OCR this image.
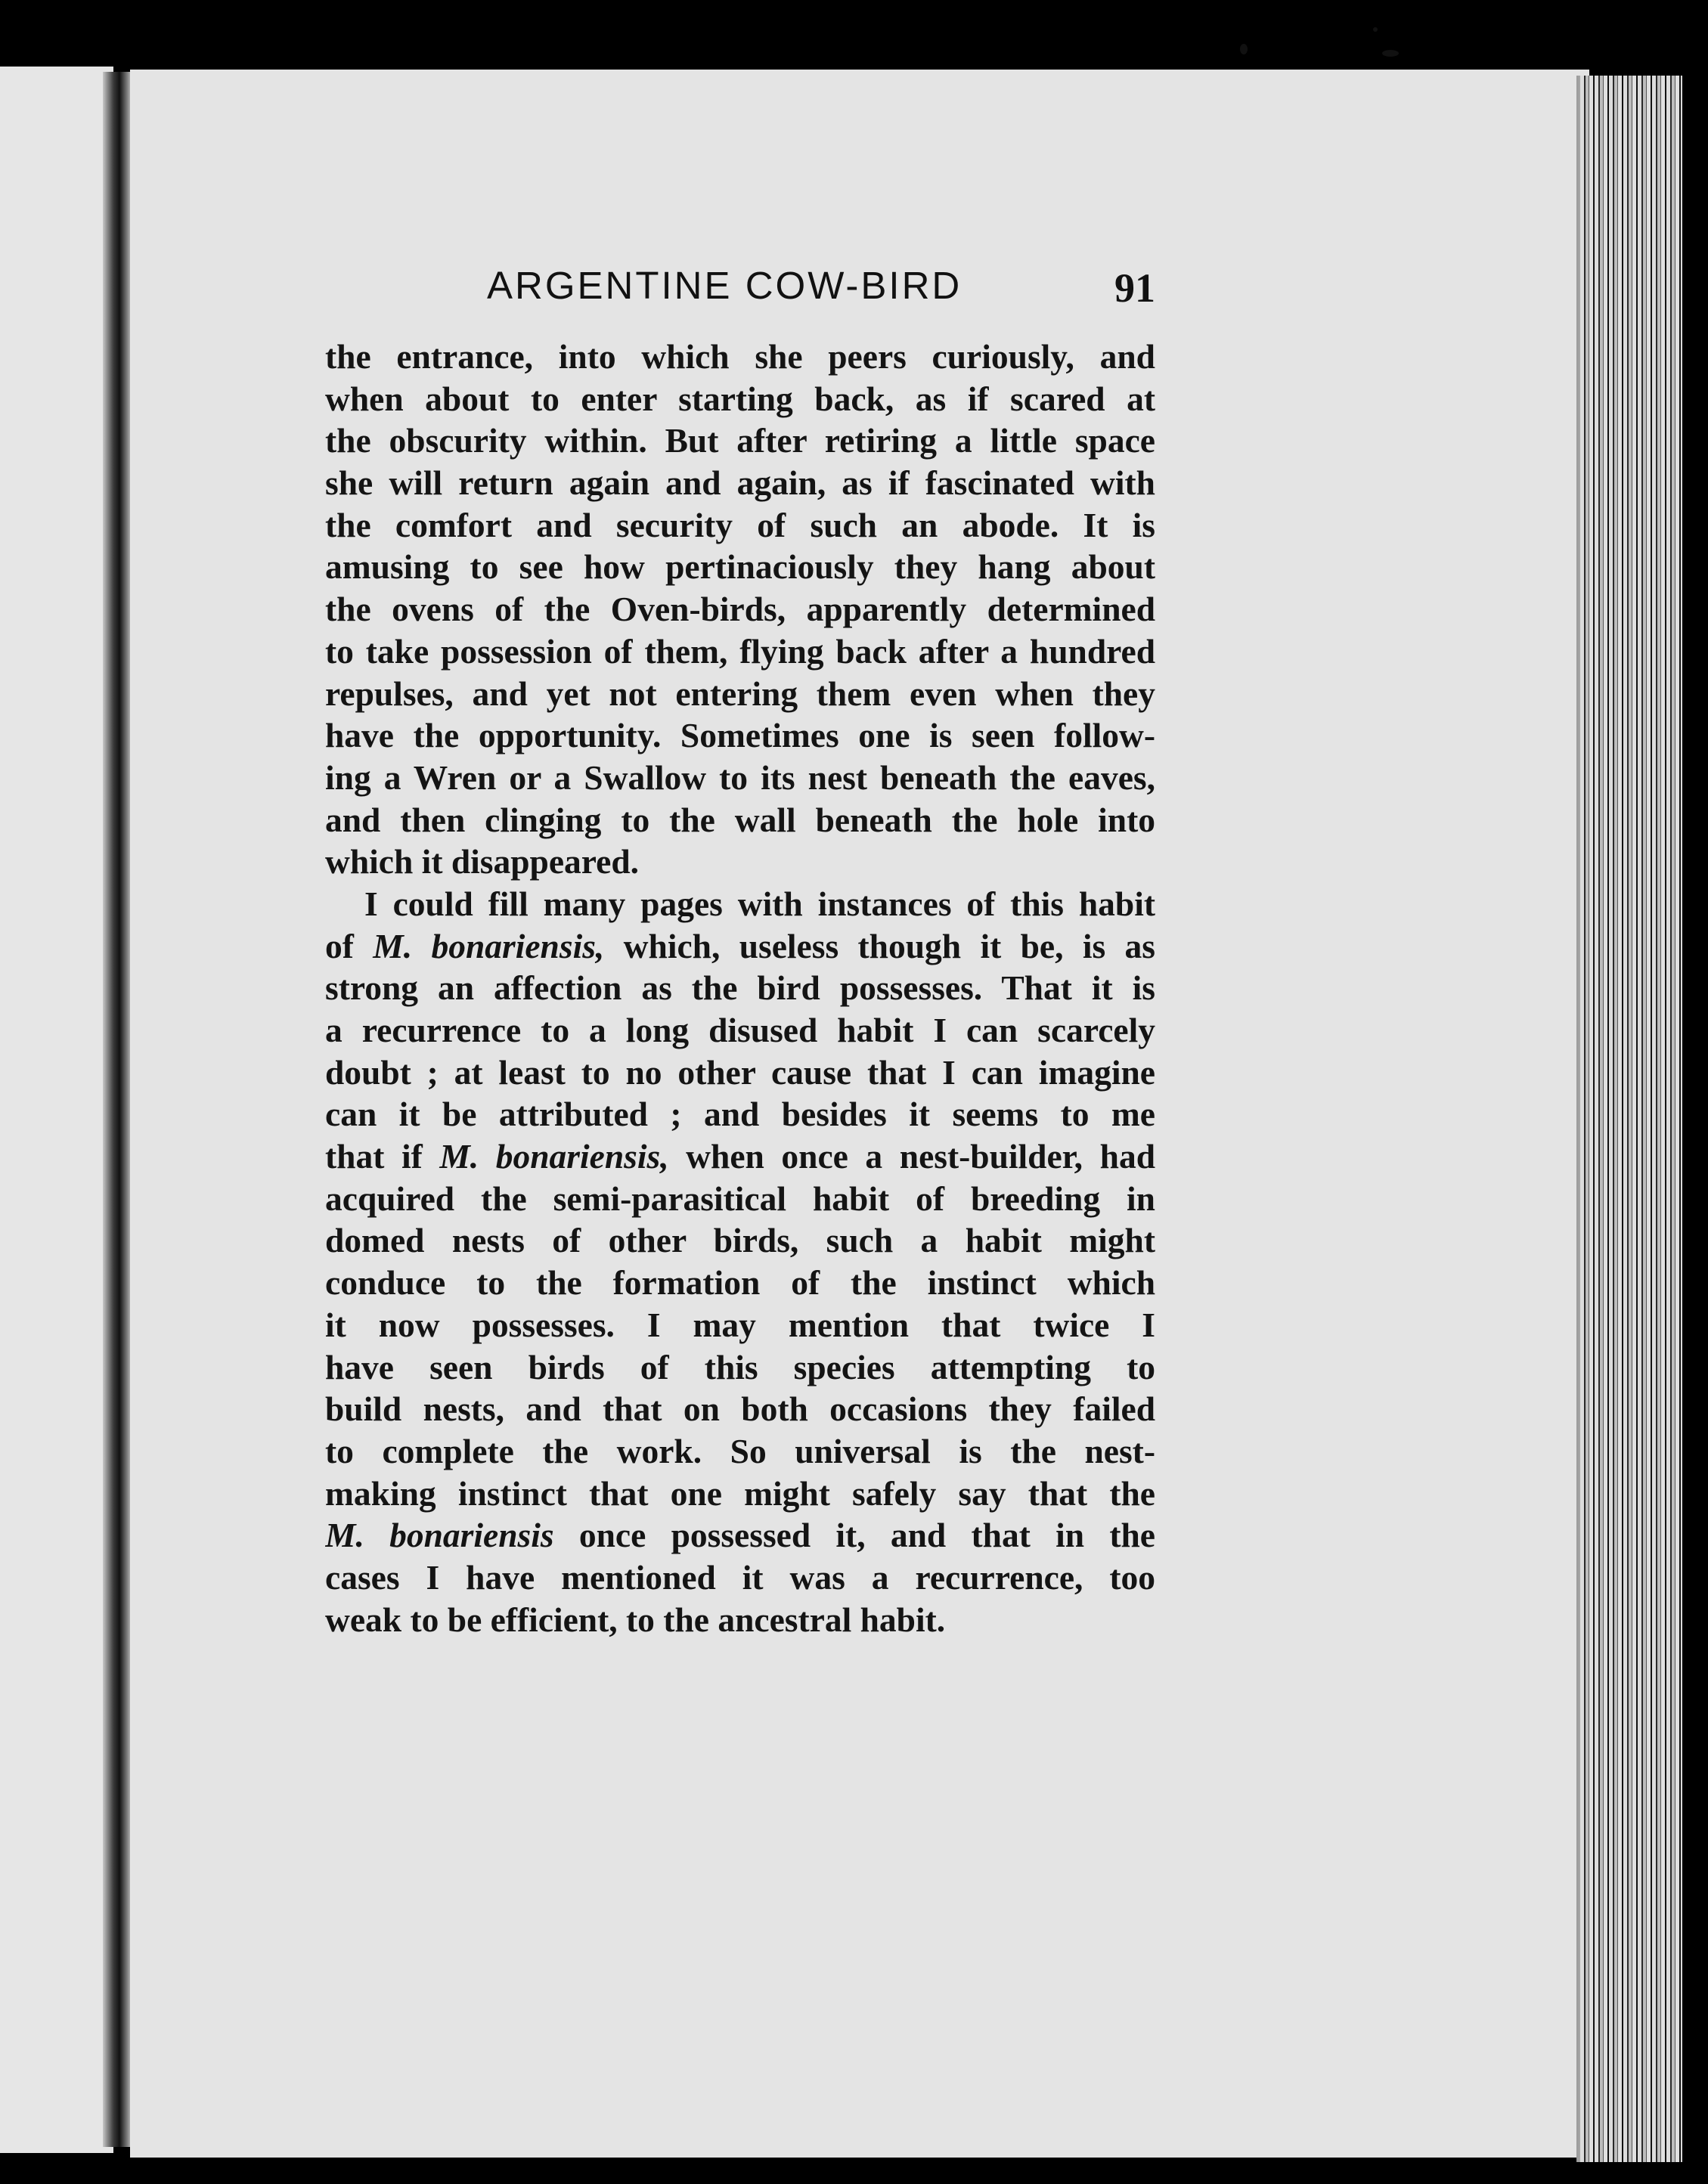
ARGENTINE COW-BIRD	91

the entrance, into which she peers curiously, and
when about to enter starting back, as if scared at
the obscurity within. But after retiring a little space
she will return again and again, as if fascinated with
the comfort and security of such an abode. It is
amusing to see how pertinaciously they hang about
the ovens of the Oven-birds, apparently determined
to take possession of them, flying back after a hundred
repulses, and yet not entering them even when they
have the opportunity. Sometimes one is seen follow-
ing a Wren or a Swallow to its nest beneath the eaves,
and then clinging to the wall beneath the hole into
which it disappeared.

I could fill many pages with instances of this habit
of M. bonariensis, which, useless though it be, is as
strong an affection as the bird possesses. That it is
a recurrence to a long disused habit I can scarcely
doubt ; at least to no other cause that I can imagine
can it be attributed ; and besides it seems to me
that if M. bonariensis, when once a nest-builder, had
acquired the semi-parasitical habit of breeding in
domed nests of other birds, such a habit might
conduce to the formation of the instinct which
it now possesses. I may mention that twice I
have seen birds of this species attempting to
build nests, and that on both occasions they failed
to complete the work. So universal is the nest-
making instinct that one might safely say that the
M. bonariensis once possessed it, and that in the
cases I have mentioned it was a recurrence, too
weak to be efficient, to the ancestral habit.
